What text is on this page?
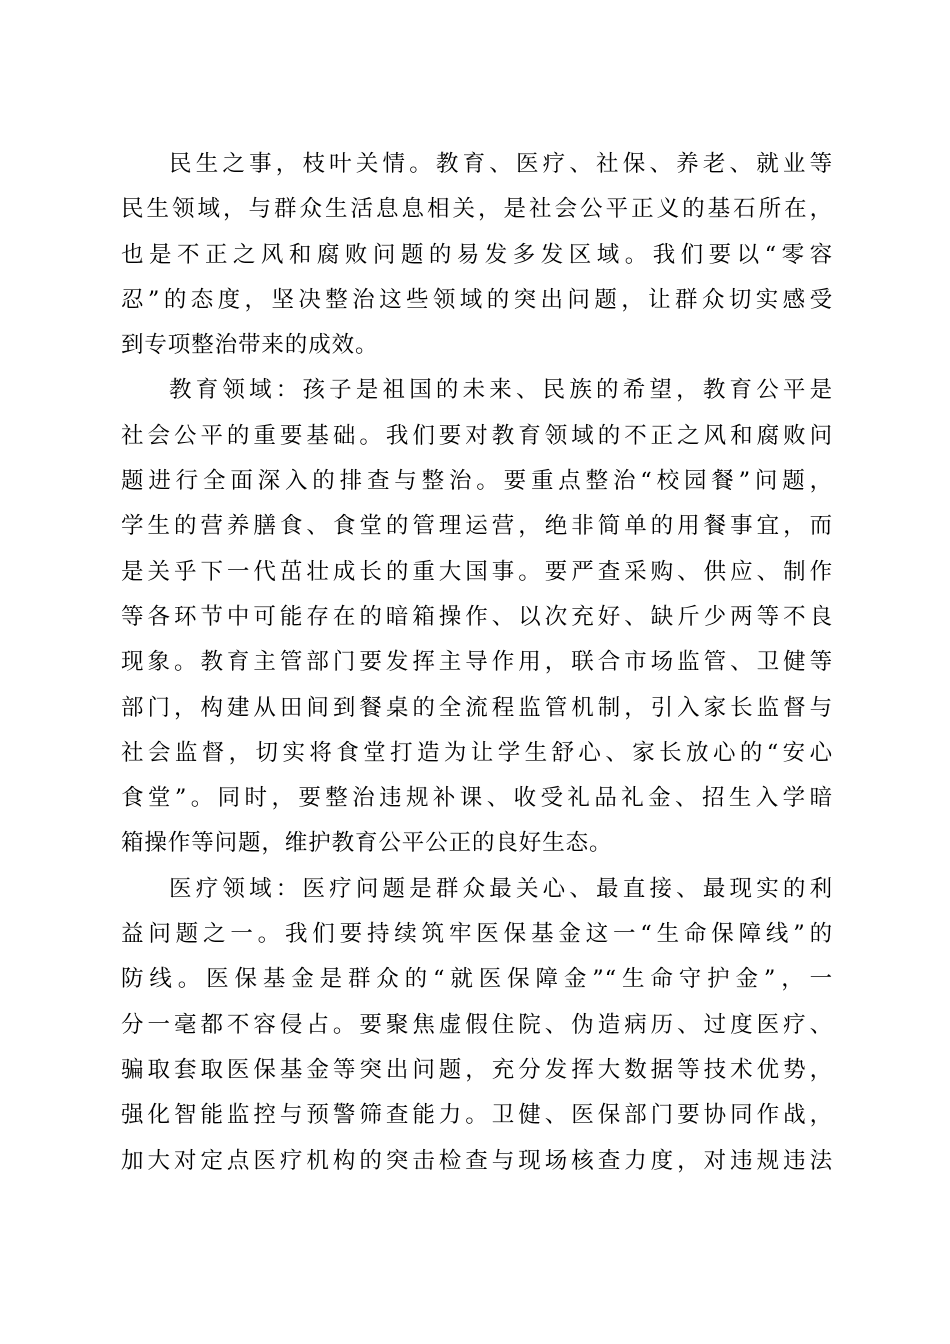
民生之事，枝叶关情。教育、医疗、社保、养老、就业等
民生领域，与群众生活息息相关，是社会公平正义的基石所在，
也是不正之风和腐败问题的易发多发区域。我们要以“零容
忍”的态度，坚决整治这些领域的突出问题，让群众切实感受
到专项整治带来的成效。
教育领域：孩子是祖国的未来、民族的希望，教育公平是
社会公平的重要基础。我们要对教育领域的不正之风和腐败问
题进行全面深入的排查与整治。要重点整治“校园餐”问题，
学生的营养膳食、食堂的管理运营，绝非简单的用餐事宜，而
是关乎下一代茁壮成长的重大国事。要严查采购、供应、制作
等各环节中可能存在的暗箱操作、以次充好、缺斤少两等不良
现象。教育主管部门要发挥主导作用，联合市场监管、卫健等
部门，构建从田间到餐桌的全流程监管机制，引入家长监督与
社会监督，切实将食堂打造为让学生舒心、家长放心的“安心
食堂”。同时，要整治违规补课、收受礼品礼金、招生入学暗
箱操作等问题，维护教育公平公正的良好生态。
医疗领域：医疗问题是群众最关心、最直接、最现实的利
益问题之一。我们要持续筑牢医保基金这一“生命保障线”的
防线。医保基金是群众的“就医保障金”“生命守护金”，一
分一毫都不容侵占。要聚焦虚假住院、伪造病历、过度医疗、
骗取套取医保基金等突出问题，充分发挥大数据等技术优势，
强化智能监控与预警筛查能力。卫健、医保部门要协同作战，
加大对定点医疗机构的突击检查与现场核查力度，对违规违法
